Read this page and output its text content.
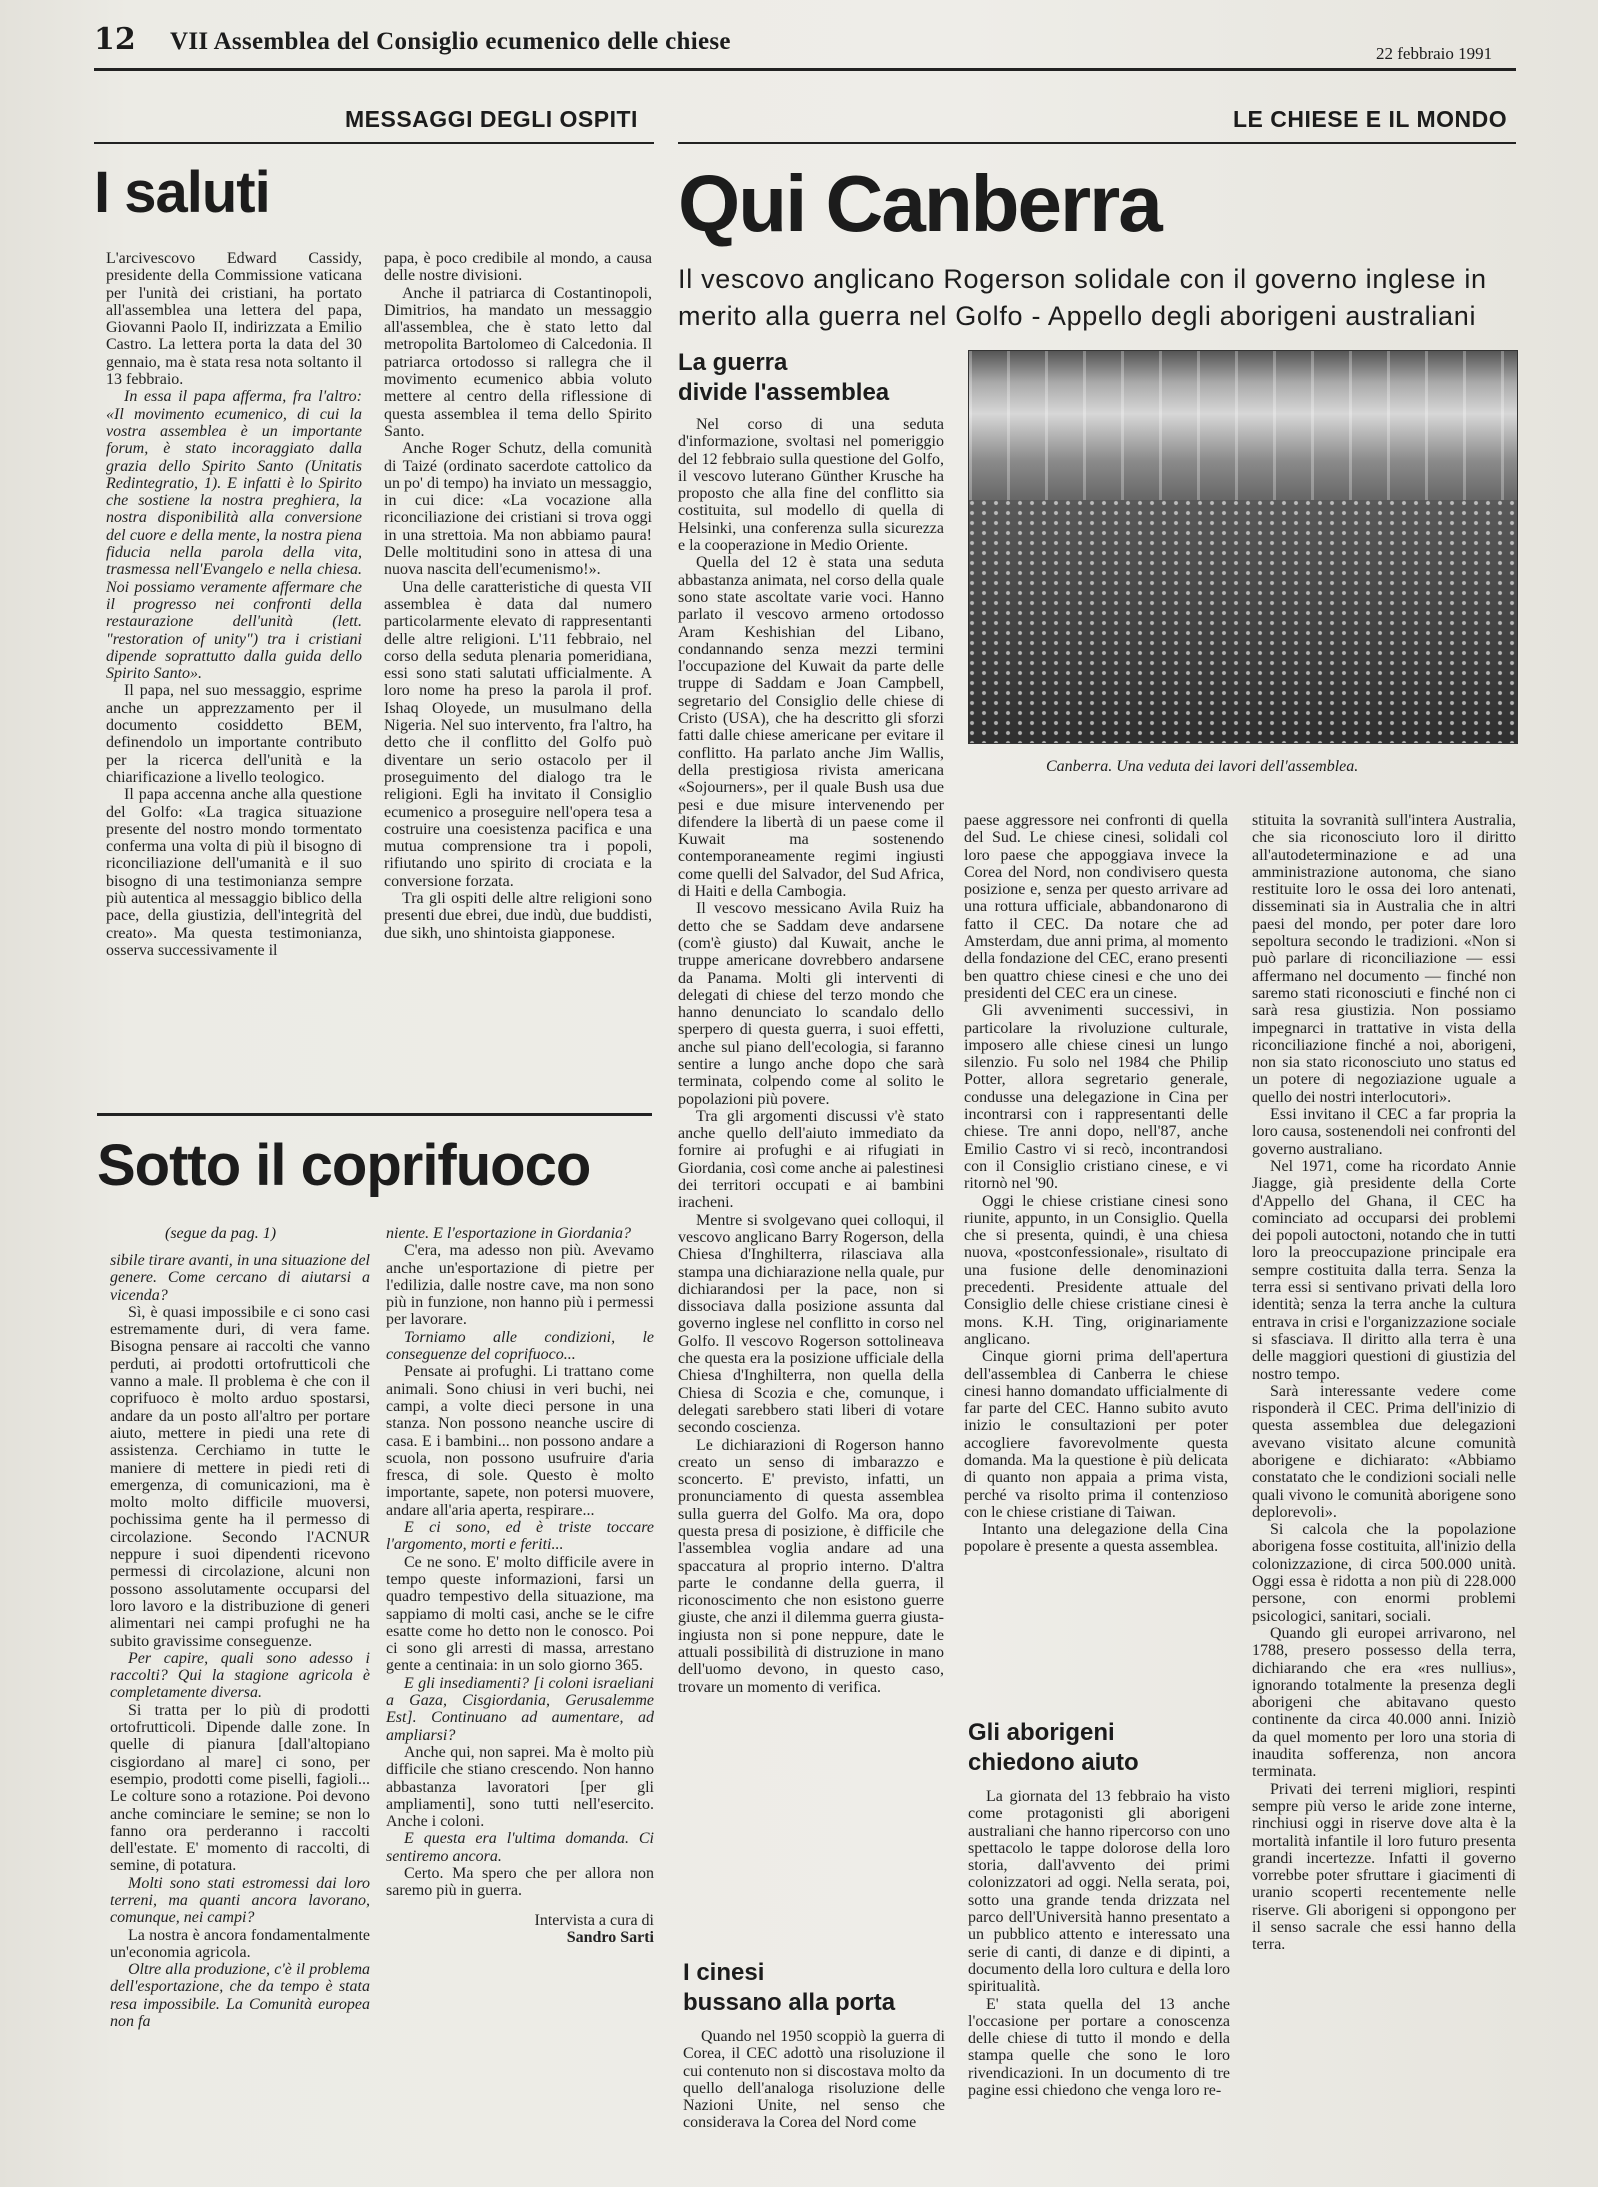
12 VII Assemblea del Consiglio ecumenico delle chiese	22 febbraio 1991
MESSAGGI DEGLI OSPITI	LE CHIESE E IL MONDO
I saluti

L'arcivescovo Edward Cassidy, presidente della Commissione vaticana per l'unità dei cristiani, ha portato all'assemblea una lettera del papa, Giovanni Paolo II, indirizzata a Emilio Castro. La lettera porta la data del 30 gennaio, ma è stata resa nota soltanto il 13 febbraio.

In essa il papa afferma, fra l'altro: «Il movimento ecumenico, di cui la vostra assemblea è un importante forum, è stato incoraggiato dalla grazia dello Spirito Santo (Unitatis Redintegratio, 1). E infatti è lo Spirito che sostiene la nostra preghiera, la nostra disponibilità alla conversione del cuore e della mente, la nostra piena fiducia nella parola della vita, trasmessa nell'Evangelo e nella chiesa. Noi possiamo veramente affermare che il progresso nei confronti della restaurazione dell'unità (lett. "restoration of unity") tra i cristiani dipende soprattutto dalla guida dello Spirito Santo».

Il papa, nel suo messaggio, esprime anche un apprezzamento per il documento cosiddetto BEM, definendolo un importante contributo per la ricerca dell'unità e la chiarificazione a livello teologico.

Il papa accenna anche alla questione del Golfo: «La tragica situazione presente del nostro mondo tormentato conferma una volta di più il bisogno di riconciliazione dell'umanità e il suo bisogno di una testimonianza sempre più autentica al messaggio biblico della pace, della giustizia, dell'integrità del creato». Ma questa testimonianza, osserva successivamente il

papa, è poco credibile al mondo, a causa delle nostre divisioni.

Anche il patriarca di Costantinopoli, Dimitrios, ha mandato un messaggio all'assemblea, che è stato letto dal metropolita Bartolomeo di Calcedonia. Il patriarca ortodosso si rallegra che il movimento ecumenico abbia voluto mettere al centro della riflessione di questa assemblea il tema dello Spirito Santo.

Anche Roger Schutz, della comunità di Taizé (ordinato sacerdote cattolico da un po' di tempo) ha inviato un messaggio, in cui dice: «La vocazione alla riconciliazione dei cristiani si trova oggi in una strettoia. Ma non abbiamo paura! Delle moltitudini sono in attesa di una nuova nascita dell'ecumenismo!».

Una delle caratteristiche di questa VII assemblea è data dal numero particolarmente elevato di rappresentanti delle altre religioni. L'11 febbraio, nel corso della seduta plenaria pomeridiana, essi sono stati salutati ufficialmente. A loro nome ha preso la parola il prof. Ishaq Oloyede, un musulmano della Nigeria. Nel suo intervento, fra l'altro, ha detto che il conflitto del Golfo può diventare un serio ostacolo per il proseguimento del dialogo tra le religioni. Egli ha invitato il Consiglio ecumenico a proseguire nell'opera tesa a costruire una coesistenza pacifica e una mutua comprensione tra i popoli, rifiutando uno spirito di crociata e la conversione forzata.

Tra gli ospiti delle altre religioni sono presenti due ebrei, due indù, due buddisti, due sikh, uno shintoista giapponese.

Sotto il coprifuoco
(segue da pag. 1)

sibile tirare avanti, in una situazione del genere. Come cercano di aiutarsi a vicenda?

Sì, è quasi impossibile e ci sono casi estremamente duri, di vera fame. Bisogna pensare ai raccolti che vanno perduti, ai prodotti ortofrutticoli che vanno a male. Il problema è che con il coprifuoco è molto arduo spostarsi, andare da un posto all'altro per portare aiuto, mettere in piedi una rete di assistenza. Cerchiamo in tutte le maniere di mettere in piedi reti di emergenza, di comunicazioni, ma è molto molto difficile muoversi, pochissima gente ha il permesso di circolazione. Secondo l'ACNUR neppure i suoi dipendenti ricevono permessi di circolazione, alcuni non possono assolutamente occuparsi del loro lavoro e la distribuzione di generi alimentari nei campi profughi ne ha subito gravissime conseguenze.

Per capire, quali sono adesso i raccolti? Qui la stagione agricola è completamente diversa.

Si tratta per lo più di prodotti ortofrutticoli. Dipende dalle zone. In quelle di pianura [dall'altopiano cisgiordano al mare] ci sono, per esempio, prodotti come piselli, fagioli... Le colture sono a rotazione. Poi devono anche cominciare le semine; se non lo fanno ora perderanno i raccolti dell'estate. E' momento di raccolti, di semine, di potatura.

Molti sono stati estromessi dai loro terreni, ma quanti ancora lavorano, comunque, nei campi?

La nostra è ancora fondamentalmente un'economia agricola.

Oltre alla produzione, c'è il problema dell'esportazione, che da tempo è stata resa impossibile. La Comunità europea non fa

niente. E l'esportazione in Giordania?

C'era, ma adesso non più. Avevamo anche un'esportazione di pietre per l'edilizia, dalle nostre cave, ma non sono più in funzione, non hanno più i permessi per lavorare.

Torniamo alle condizioni, le conseguenze del coprifuoco...

Pensate ai profughi. Li trattano come animali. Sono chiusi in veri buchi, nei campi, a volte dieci persone in una stanza. Non possono neanche uscire di casa. E i bambini... non possono andare a scuola, non possono usufruire d'aria fresca, di sole. Questo è molto importante, sapete, non potersi muovere, andare all'aria aperta, respirare...

E ci sono, ed è triste toccare l'argomento, morti e feriti...

Ce ne sono. E' molto difficile avere in tempo queste informazioni, farsi un quadro tempestivo della situazione, ma sappiamo di molti casi, anche se le cifre esatte come ho detto non le conosco. Poi ci sono gli arresti di massa, arrestano gente a centinaia: in un solo giorno 365.

E gli insediamenti? [i coloni israeliani a Gaza, Cisgiordania, Gerusalemme Est]. Continuano ad aumentare, ad ampliarsi?

Anche qui, non saprei. Ma è molto più difficile che stiano crescendo. Non hanno abbastanza lavoratori [per gli ampliamenti], sono tutti nell'esercito. Anche i coloni.

E questa era l'ultima domanda. Ci sentiremo ancora.

Certo. Ma spero che per allora non saremo più in guerra.

Intervista a cura di

Sandro Sarti

Qui Canberra
Il vescovo anglicano Rogerson solidale con il governo inglese in
merito alla guerra nel Golfo - Appello degli aborigeni australiani
La guerra
divide l'assemblea
Canberra. Una veduta dei lavori dell'assemblea.

Nel corso di una seduta d'informazione, svoltasi nel pomeriggio del 12 febbraio sulla questione del Golfo, il vescovo luterano Günther Krusche ha proposto che alla fine del conflitto sia costituita, sul modello di quella di Helsinki, una conferenza sulla sicurezza e la cooperazione in Medio Oriente.

Quella del 12 è stata una seduta abbastanza animata, nel corso della quale sono state ascoltate varie voci. Hanno parlato il vescovo armeno ortodosso Aram Keshishian del Libano, condannando senza mezzi termini l'occupazione del Kuwait da parte delle truppe di Saddam e Joan Campbell, segretario del Consiglio delle chiese di Cristo (USA), che ha descritto gli sforzi fatti dalle chiese americane per evitare il conflitto. Ha parlato anche Jim Wallis, della prestigiosa rivista americana «Sojourners», per il quale Bush usa due pesi e due misure intervenendo per difendere la libertà di un paese come il Kuwait ma sostenendo contemporaneamente regimi ingiusti come quelli del Salvador, del Sud Africa, di Haiti e della Cambogia.

Il vescovo messicano Avila Ruiz ha detto che se Saddam deve andarsene (com'è giusto) dal Kuwait, anche le truppe americane dovrebbero andarsene da Panama. Molti gli interventi di delegati di chiese del terzo mondo che hanno denunciato lo scandalo dello sperpero di questa guerra, i suoi effetti, anche sul piano dell'ecologia, si faranno sentire a lungo anche dopo che sarà terminata, colpendo come al solito le popolazioni più povere.

Tra gli argomenti discussi v'è stato anche quello dell'aiuto immediato da fornire ai profughi e ai rifugiati in Giordania, così come anche ai palestinesi dei territori occupati e ai bambini iracheni.

Mentre si svolgevano quei colloqui, il vescovo anglicano Barry Rogerson, della Chiesa d'Inghilterra, rilasciava alla stampa una dichiarazione nella quale, pur dichiarandosi per la pace, non si dissociava dalla posizione assunta dal governo inglese nel conflitto in corso nel Golfo. Il vescovo Rogerson sottolineava che questa era la posizione ufficiale della Chiesa d'Inghilterra, non quella della Chiesa di Scozia e che, comunque, i delegati sarebbero stati liberi di votare secondo coscienza.

Le dichiarazioni di Rogerson hanno creato un senso di imbarazzo e sconcerto. E' previsto, infatti, un pronunciamento di questa assemblea sulla guerra del Golfo. Ma ora, dopo questa presa di posizione, è difficile che l'assemblea voglia andare ad una spaccatura al proprio interno. D'altra parte le condanne della guerra, il riconoscimento che non esistono guerre giuste, che anzi il dilemma guerra giusta-ingiusta non si pone neppure, date le attuali possibilità di distruzione in mano dell'uomo devono, in questo caso, trovare un momento di verifica.

I cinesi
bussano alla porta

Quando nel 1950 scoppiò la guerra di Corea, il CEC adottò una risoluzione il cui contenuto non si discostava molto da quello dell'analoga risoluzione delle Nazioni Unite, nel senso che considerava la Corea del Nord come

paese aggressore nei confronti di quella del Sud. Le chiese cinesi, solidali col loro paese che appoggiava invece la Corea del Nord, non condivisero questa posizione e, senza per questo arrivare ad una rottura ufficiale, abbandonarono di fatto il CEC. Da notare che ad Amsterdam, due anni prima, al momento della fondazione del CEC, erano presenti ben quattro chiese cinesi e che uno dei presidenti del CEC era un cinese.

Gli avvenimenti successivi, in particolare la rivoluzione culturale, imposero alle chiese cinesi un lungo silenzio. Fu solo nel 1984 che Philip Potter, allora segretario generale, condusse una delegazione in Cina per incontrarsi con i rappresentanti delle chiese. Tre anni dopo, nell'87, anche Emilio Castro vi si recò, incontrandosi con il Consiglio cristiano cinese, e vi ritornò nel '90.

Oggi le chiese cristiane cinesi sono riunite, appunto, in un Consiglio. Quella che si presenta, quindi, è una chiesa nuova, «postconfessionale», risultato di una fusione delle denominazioni precedenti. Presidente attuale del Consiglio delle chiese cristiane cinesi è mons. K.H. Ting, originariamente anglicano.

Cinque giorni prima dell'apertura dell'assemblea di Canberra le chiese cinesi hanno domandato ufficialmente di far parte del CEC. Hanno subito avuto inizio le consultazioni per poter accogliere favorevolmente questa domanda. Ma la questione è più delicata di quanto non appaia a prima vista, perché va risolto prima il contenzioso con le chiese cristiane di Taiwan.

Intanto una delegazione della Cina popolare è presente a questa assemblea.

Gli aborigeni
chiedono aiuto

La giornata del 13 febbraio ha visto come protagonisti gli aborigeni australiani che hanno ripercorso con uno spettacolo le tappe dolorose della loro storia, dall'avvento dei primi colonizzatori ad oggi. Nella serata, poi, sotto una grande tenda drizzata nel parco dell'Università hanno presentato a un pubblico attento e interessato una serie di canti, di danze e di dipinti, a documento della loro cultura e della loro spiritualità.

E' stata quella del 13 anche l'occasione per portare a conoscenza delle chiese di tutto il mondo e della stampa quelle che sono le loro rivendicazioni. In un documento di tre pagine essi chiedono che venga loro re-

stituita la sovranità sull'intera Australia, che sia riconosciuto loro il diritto all'autodeterminazione e ad una amministrazione autonoma, che siano restituite loro le ossa dei loro antenati, disseminati sia in Australia che in altri paesi del mondo, per poter dare loro sepoltura secondo le tradizioni. «Non si può parlare di riconciliazione — essi affermano nel documento — finché non saremo stati riconosciuti e finché non ci sarà resa giustizia. Non possiamo impegnarci in trattative in vista della riconciliazione finché a noi, aborigeni, non sia stato riconosciuto uno status ed un potere di negoziazione uguale a quello dei nostri interlocutori».

Essi invitano il CEC a far propria la loro causa, sostenendoli nei confronti del governo australiano.

Nel 1971, come ha ricordato Annie Jiagge, già presidente della Corte d'Appello del Ghana, il CEC ha cominciato ad occuparsi dei problemi dei popoli autoctoni, notando che in tutti loro la preoccupazione principale era sempre costituita dalla terra. Senza la terra essi si sentivano privati della loro identità; senza la terra anche la cultura entrava in crisi e l'organizzazione sociale si sfasciava. Il diritto alla terra è una delle maggiori questioni di giustizia del nostro tempo.

Sarà interessante vedere come risponderà il CEC. Prima dell'inizio di questa assemblea due delegazioni avevano visitato alcune comunità aborigene e dichiarato: «Abbiamo constatato che le condizioni sociali nelle quali vivono le comunità aborigene sono deplorevoli».

Si calcola che la popolazione aborigena fosse costituita, all'inizio della colonizzazione, di circa 500.000 unità. Oggi essa è ridotta a non più di 228.000 persone, con enormi problemi psicologici, sanitari, sociali.

Quando gli europei arrivarono, nel 1788, presero possesso della terra, dichiarando che era «res nullius», ignorando totalmente la presenza degli aborigeni che abitavano questo continente da circa 40.000 anni. Iniziò da quel momento per loro una storia di inaudita sofferenza, non ancora terminata.

Privati dei terreni migliori, respinti sempre più verso le aride zone interne, rinchiusi oggi in riserve dove alta è la mortalità infantile il loro futuro presenta grandi incertezze. Infatti il governo vorrebbe poter sfruttare i giacimenti di uranio scoperti recentemente nelle riserve. Gli aborigeni si oppongono per il senso sacrale che essi hanno della terra.
